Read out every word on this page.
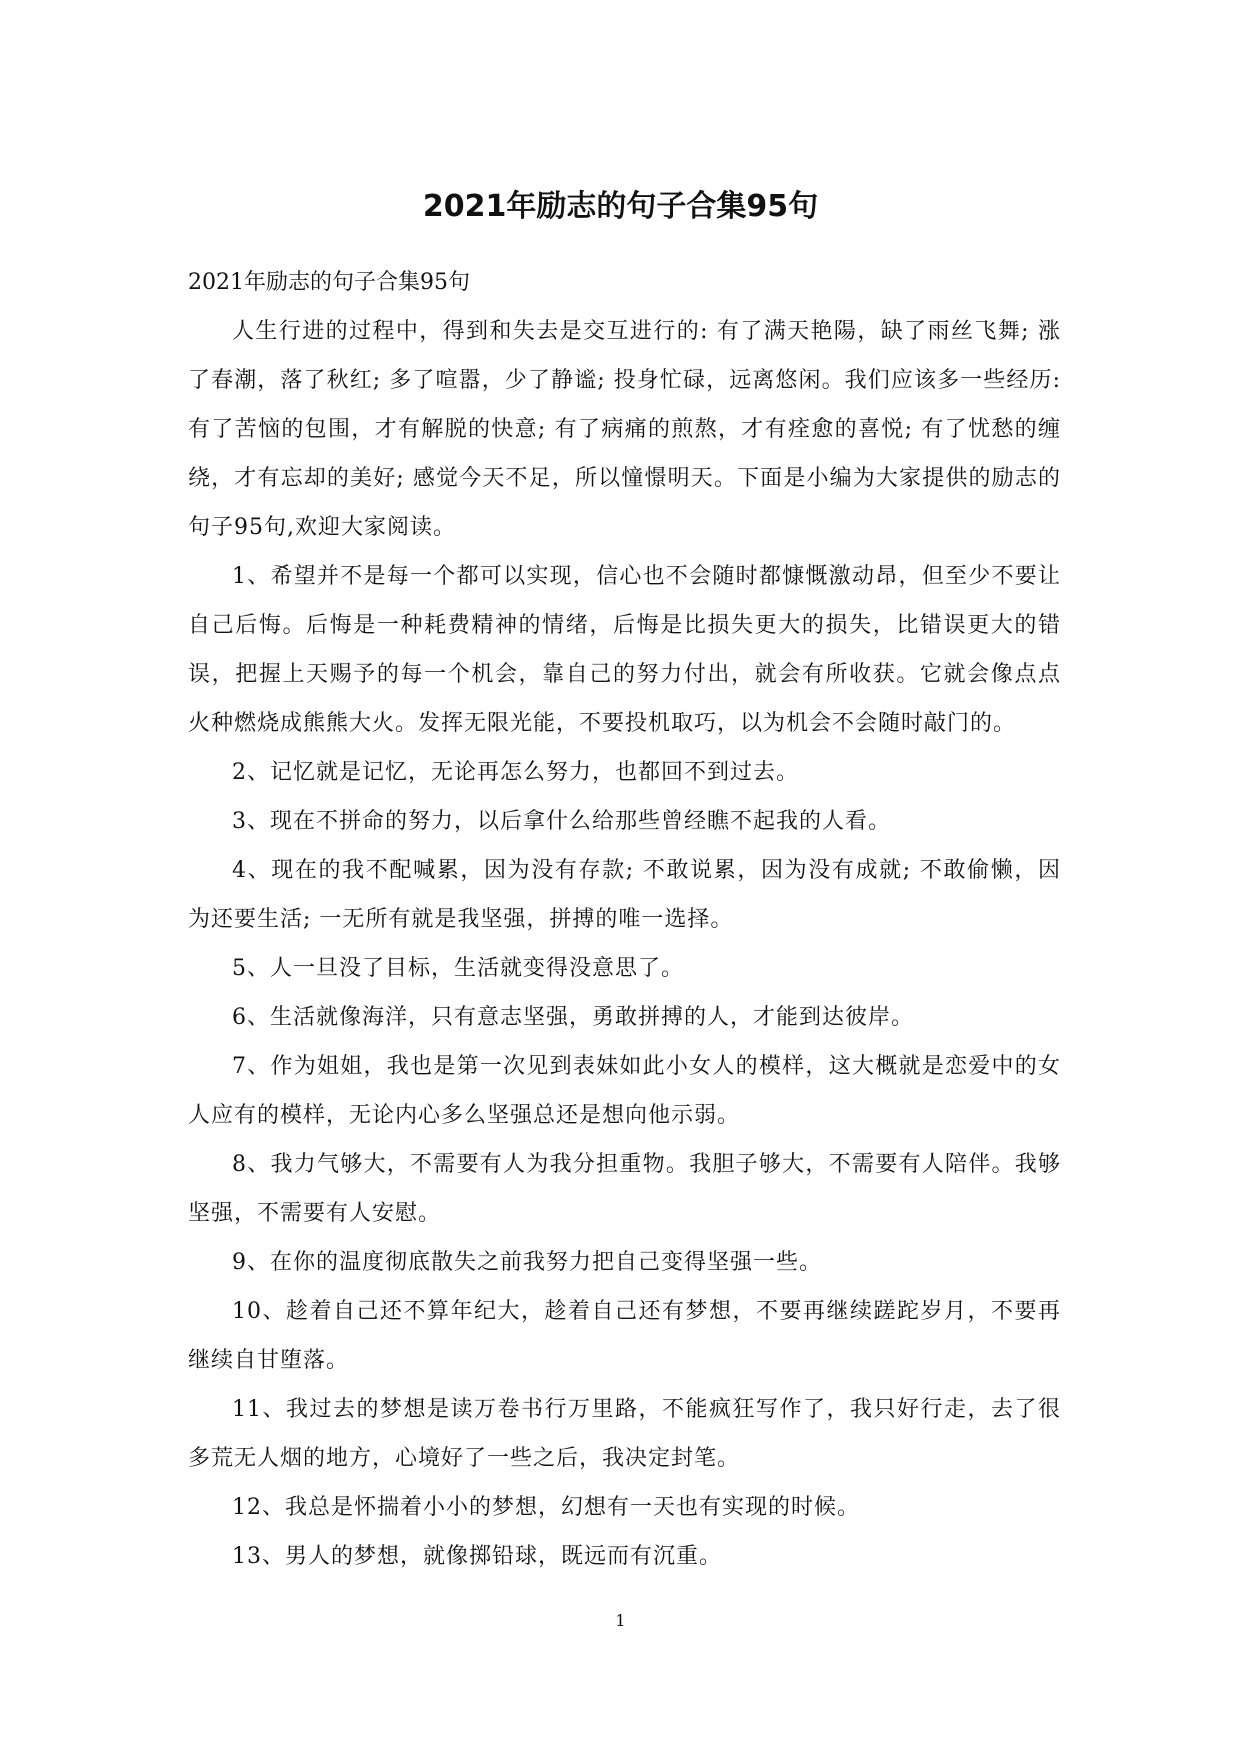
2021年励志的句子合集95句

2021年励志的句子合集95句

人生行进的过程中，得到和失去是交互进行的: 有了满天艳陽，缺了雨丝飞舞; 涨了春潮，落了秋红; 多了喧嚣，少了静谧; 投身忙碌，远离悠闲。我们应该多一些经历: 有了苦恼的包围，才有解脱的快意; 有了病痛的煎熬，才有痊愈的喜悦; 有了忧愁的缠绕，才有忘却的美好; 感觉今天不足，所以憧憬明天。下面是小编为大家提供的励志的句子95句,欢迎大家阅读。

1、希望并不是每一个都可以实现，信心也不会随时都慷慨激动昂，但至少不要让自己后悔。后悔是一种耗费精神的情绪，后悔是比损失更大的损失，比错误更大的错误，把握上天赐予的每一个机会，靠自己的努力付出，就会有所收获。它就会像点点火种燃烧成熊熊大火。发挥无限光能，不要投机取巧，以为机会不会随时敲门的。

2、记忆就是记忆，无论再怎么努力，也都回不到过去。

3、现在不拼命的努力，以后拿什么给那些曾经瞧不起我的人看。

4、现在的我不配喊累，因为没有存款; 不敢说累，因为没有成就; 不敢偷懒，因为还要生活; 一无所有就是我坚强，拼搏的唯一选择。

5、人一旦没了目标，生活就变得没意思了。

6、生活就像海洋，只有意志坚强，勇敢拼搏的人，才能到达彼岸。

7、作为姐姐，我也是第一次见到表妹如此小女人的模样，这大概就是恋爱中的女人应有的模样，无论内心多么坚强总还是想向他示弱。

8、我力气够大，不需要有人为我分担重物。我胆子够大，不需要有人陪伴。我够坚强，不需要有人安慰。

9、在你的温度彻底散失之前我努力把自己变得坚强一些。

10、趁着自己还不算年纪大，趁着自己还有梦想，不要再继续蹉跎岁月，不要再继续自甘堕落。

11、我过去的梦想是读万卷书行万里路，不能疯狂写作了，我只好行走，去了很多荒无人烟的地方，心境好了一些之后，我决定封笔。

12、我总是怀揣着小小的梦想，幻想有一天也有实现的时候。

13、男人的梦想，就像掷铅球，既远而有沉重。

1
